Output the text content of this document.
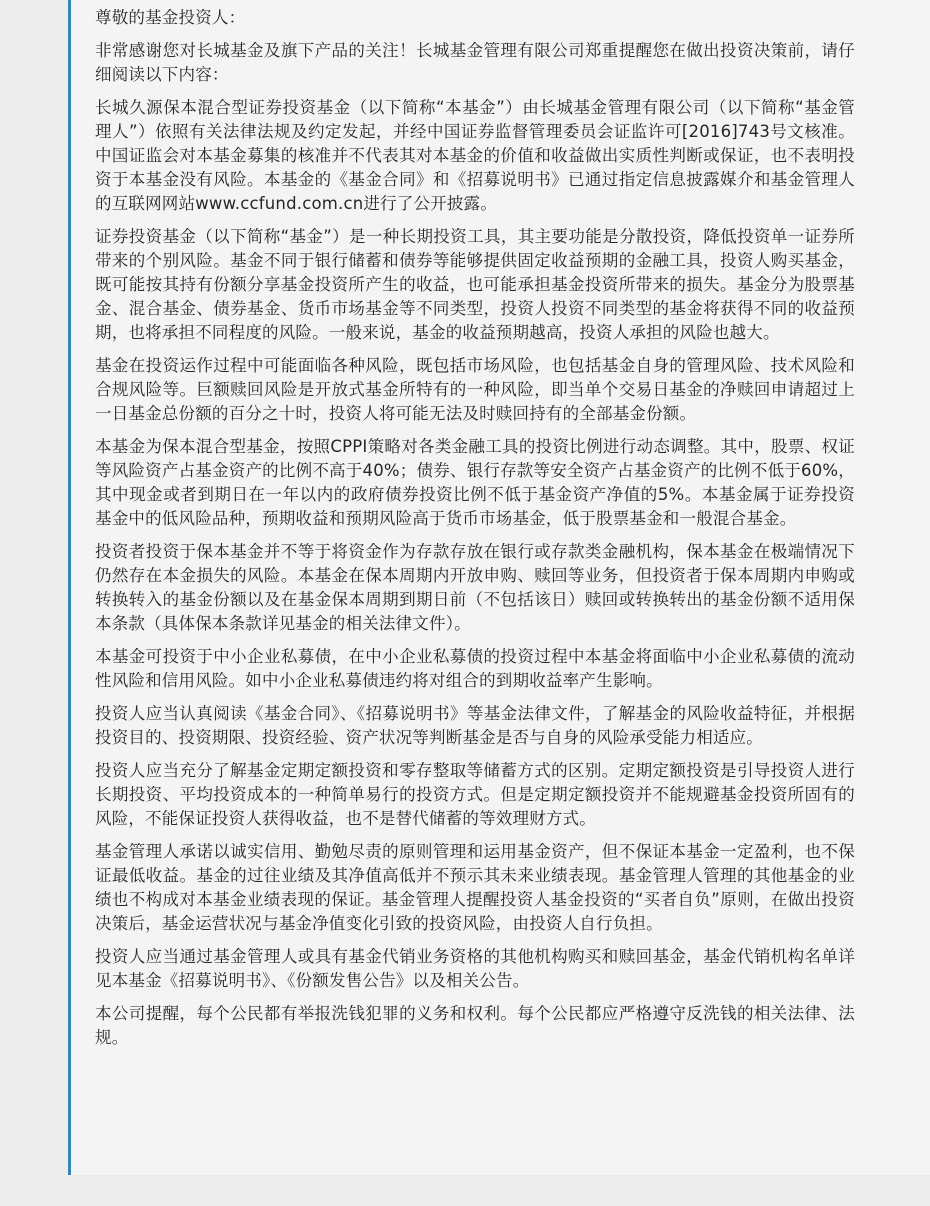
尊敬的基金投资人：

非常感谢您对长城基金及旗下产品的关注！长城基金管理有限公司郑重提醒您在做出投资决策前，请仔细阅读以下内容：

长城久源保本混合型证券投资基金（以下简称“本基金”）由长城基金管理有限公司（以下简称“基金管理人”）依照有关法律法规及约定发起，并经中国证券监督管理委员会证监许可[2016]743号文核准。中国证监会对本基金募集的核准并不代表其对本基金的价值和收益做出实质性判断或保证，也不表明投资于本基金没有风险。本基金的《基金合同》和《招募说明书》已通过指定信息披露媒介和基金管理人的互联网网站www.ccfund.com.cn进行了公开披露。

证券投资基金（以下简称“基金”）是一种长期投资工具，其主要功能是分散投资，降低投资单一证券所带来的个别风险。基金不同于银行储蓄和债券等能够提供固定收益预期的金融工具，投资人购买基金，既可能按其持有份额分享基金投资所产生的收益，也可能承担基金投资所带来的损失。基金分为股票基金、混合基金、债券基金、货币市场基金等不同类型，投资人投资不同类型的基金将获得不同的收益预期，也将承担不同程度的风险。一般来说，基金的收益预期越高，投资人承担的风险也越大。

基金在投资运作过程中可能面临各种风险，既包括市场风险，也包括基金自身的管理风险、技术风险和合规风险等。巨额赎回风险是开放式基金所特有的一种风险，即当单个交易日基金的净赎回申请超过上一日基金总份额的百分之十时，投资人将可能无法及时赎回持有的全部基金份额。

本基金为保本混合型基金，按照CPPI策略对各类金融工具的投资比例进行动态调整。其中，股票、权证等风险资产占基金资产的比例不高于40%；债券、银行存款等安全资产占基金资产的比例不低于60%，其中现金或者到期日在一年以内的政府债券投资比例不低于基金资产净值的5%。本基金属于证券投资基金中的低风险品种，预期收益和预期风险高于货币市场基金，低于股票基金和一般混合基金。

投资者投资于保本基金并不等于将资金作为存款存放在银行或存款类金融机构，保本基金在极端情况下仍然存在本金损失的风险。本基金在保本周期内开放申购、赎回等业务，但投资者于保本周期内申购或转换转入的基金份额以及在基金保本周期到期日前（不包括该日）赎回或转换转出的基金份额不适用保本条款（具体保本条款详见基金的相关法律文件）。

本基金可投资于中小企业私募债，在中小企业私募债的投资过程中本基金将面临中小企业私募债的流动性风险和信用风险。如中小企业私募债违约将对组合的到期收益率产生影响。

投资人应当认真阅读《基金合同》、《招募说明书》等基金法律文件，了解基金的风险收益特征，并根据投资目的、投资期限、投资经验、资产状况等判断基金是否与自身的风险承受能力相适应。

投资人应当充分了解基金定期定额投资和零存整取等储蓄方式的区别。定期定额投资是引导投资人进行长期投资、平均投资成本的一种简单易行的投资方式。但是定期定额投资并不能规避基金投资所固有的风险，不能保证投资人获得收益，也不是替代储蓄的等效理财方式。

基金管理人承诺以诚实信用、勤勉尽责的原则管理和运用基金资产，但不保证本基金一定盈利，也不保证最低收益。基金的过往业绩及其净值高低并不预示其未来业绩表现。基金管理人管理的其他基金的业绩也不构成对本基金业绩表现的保证。基金管理人提醒投资人基金投资的“买者自负”原则，在做出投资决策后，基金运营状况与基金净值变化引致的投资风险，由投资人自行负担。

投资人应当通过基金管理人或具有基金代销业务资格的其他机构购买和赎回基金，基金代销机构名单详见本基金《招募说明书》、《份额发售公告》以及相关公告。

本公司提醒，每个公民都有举报洗钱犯罪的义务和权利。每个公民都应严格遵守反洗钱的相关法律、法规。
